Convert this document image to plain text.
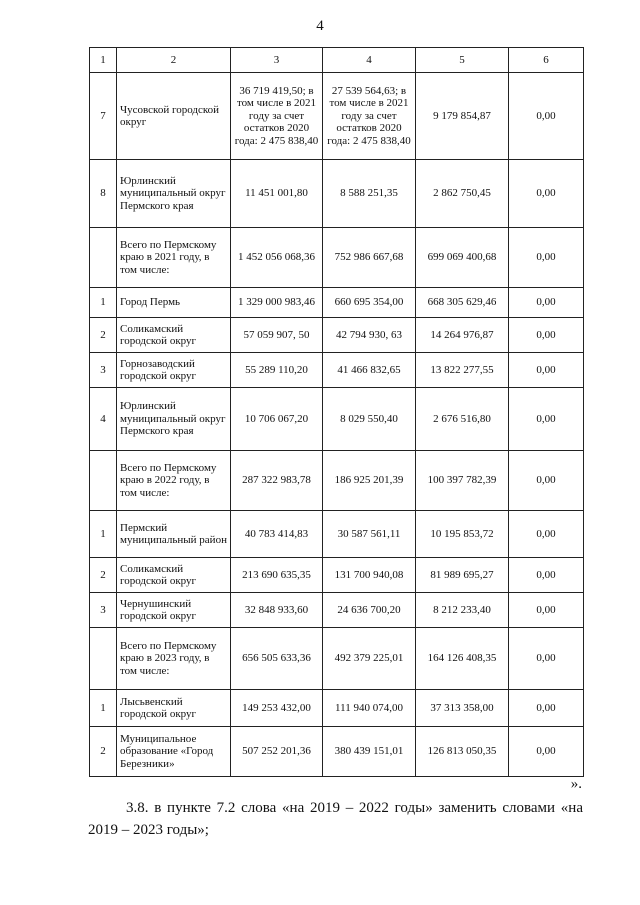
4
1	2	3	4	5	6
7	Чусовской городской округ	36 719 419,50; в том числе в 2021 году за счет остатков 2020 года: 2 475 838,40	27 539 564,63; в том числе в 2021 году за счет остатков 2020 года: 2 475 838,40	9 179 854,87	0,00
8	Юрлинский муниципальный округ Пермского края	11 451 001,80	8 588 251,35	2 862 750,45	0,00
	Всего по Пермскому краю в 2021 году, в том числе:	1 452 056 068,36	752 986 667,68	699 069 400,68	0,00
1	Город Пермь	1 329 000 983,46	660 695 354,00	668 305 629,46	0,00
2	Соликамский городской округ	57 059 907, 50	42 794 930, 63	14 264 976,87	0,00
3	Горнозаводский городской округ	55 289 110,20	41 466 832,65	13 822 277,55	0,00
4	Юрлинский муниципальный округ Пермского края	10 706 067,20	8 029 550,40	2 676 516,80	0,00
	Всего по Пермскому краю в 2022 году, в том числе:	287 322 983,78	186 925 201,39	100 397 782,39	0,00
1	Пермский муниципальный район	40 783 414,83	30 587 561,11	10 195 853,72	0,00
2	Соликамский городской округ	213 690 635,35	131 700 940,08	81 989 695,27	0,00
3	Чернушинский городской округ	32 848 933,60	24 636 700,20	8 212 233,40	0,00
	Всего по Пермскому краю в 2023 году, в том числе:	656 505 633,36	492 379 225,01	164 126 408,35	0,00
1	Лысьвенский городской округ	149 253 432,00	111 940 074,00	37 313 358,00	0,00
2	Муниципальное образование «Город Березники»	507 252 201,36	380 439 151,01	126 813 050,35	0,00
».
3.8. в пункте 7.2 слова «на 2019 – 2022 годы» заменить словами «на 2019 – 2023 годы»;
